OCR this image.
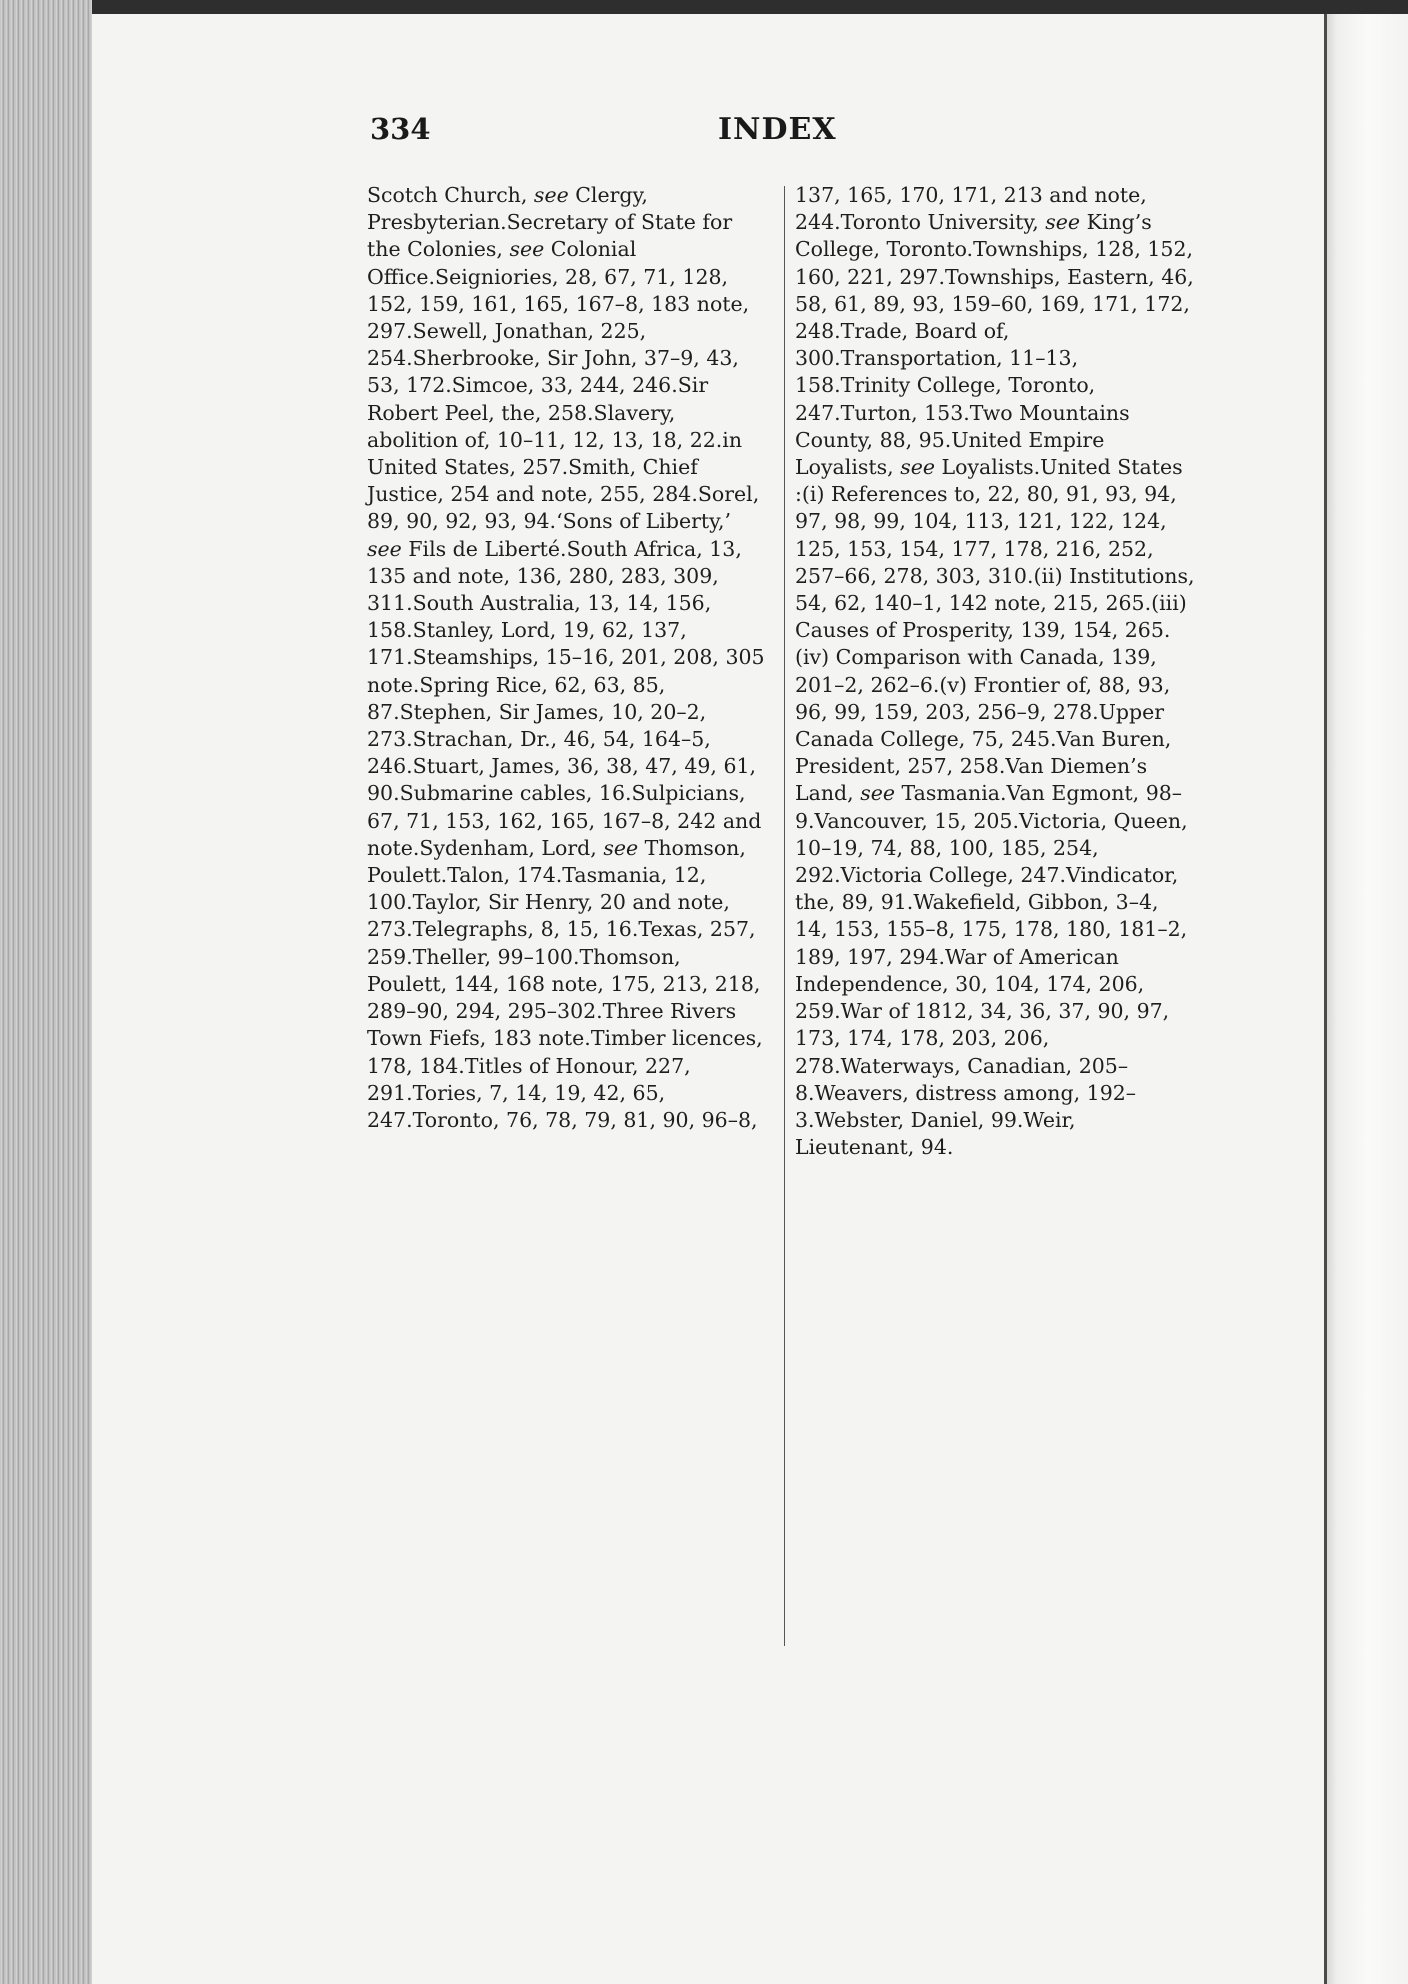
334	INDEX
Scotch Church, see Clergy, Presbyterian.Secretary of State for the Colonies, see Colonial Office.Seigniories, 28, 67, 71, 128, 152, 159, 161, 165, 167–8, 183 note, 297.Sewell, Jonathan, 225, 254.Sherbrooke, Sir John, 37–9, 43, 53, 172.Simcoe, 33, 244, 246.Sir Robert Peel, the, 258.Slavery, abolition of, 10–11, 12, 13, 18, 22.in United States, 257.Smith, Chief Justice, 254 and note, 255, 284.Sorel, 89, 90, 92, 93, 94.‘Sons of Liberty,’ see Fils de Liberté.South Africa, 13, 135 and note, 136, 280, 283, 309, 311.South Australia, 13, 14, 156, 158.Stanley, Lord, 19, 62, 137, 171.Steamships, 15–16, 201, 208, 305 note.Spring Rice, 62, 63, 85, 87.Stephen, Sir James, 10, 20–2, 273.Strachan, Dr., 46, 54, 164–5, 246.Stuart, James, 36, 38, 47, 49, 61, 90.Submarine cables, 16.Sulpicians, 67, 71, 153, 162, 165, 167–8, 242 and note.Sydenham, Lord, see Thomson, Poulett.Talon, 174.Tasmania, 12, 100.Taylor, Sir Henry, 20 and note, 273.Telegraphs, 8, 15, 16.Texas, 257, 259.Theller, 99–100.Thomson, Poulett, 144, 168 note, 175, 213, 218, 289–90, 294, 295–302.Three Rivers Town Fiefs, 183 note.Timber licences, 178, 184.Titles of Honour, 227, 291.Tories, 7, 14, 19, 42, 65, 247.Toronto, 76, 78, 79, 81, 90, 96–8,
137, 165, 170, 171, 213 and note, 244.Toronto University, see King’s College, Toronto.Townships, 128, 152, 160, 221, 297.Townships, Eastern, 46, 58, 61, 89, 93, 159–60, 169, 171, 172, 248.Trade, Board of, 300.Transportation, 11–13, 158.Trinity College, Toronto, 247.Turton, 153.Two Mountains County, 88, 95.United Empire Loyalists, see Loyalists.United States :(i) References to, 22, 80, 91, 93, 94, 97, 98, 99, 104, 113, 121, 122, 124, 125, 153, 154, 177, 178, 216, 252, 257–66, 278, 303, 310.(ii) Institutions, 54, 62, 140–1, 142 note, 215, 265.(iii) Causes of Prosperity, 139, 154, 265.(iv) Comparison with Canada, 139, 201–2, 262–6.(v) Frontier of, 88, 93, 96, 99, 159, 203, 256–9, 278.Upper Canada College, 75, 245.Van Buren, President, 257, 258.Van Diemen’s Land, see Tasmania.Van Egmont, 98–9.Vancouver, 15, 205.Victoria, Queen, 10–19, 74, 88, 100, 185, 254, 292.Victoria College, 247.Vindicator, the, 89, 91.Wakefield, Gibbon, 3–4, 14, 153, 155–8, 175, 178, 180, 181–2, 189, 197, 294.War of American Independence, 30, 104, 174, 206, 259.War of 1812, 34, 36, 37, 90, 97, 173, 174, 178, 203, 206, 278.Waterways, Canadian, 205–8.Weavers, distress among, 192–3.Webster, Daniel, 99.Weir, Lieutenant, 94.
